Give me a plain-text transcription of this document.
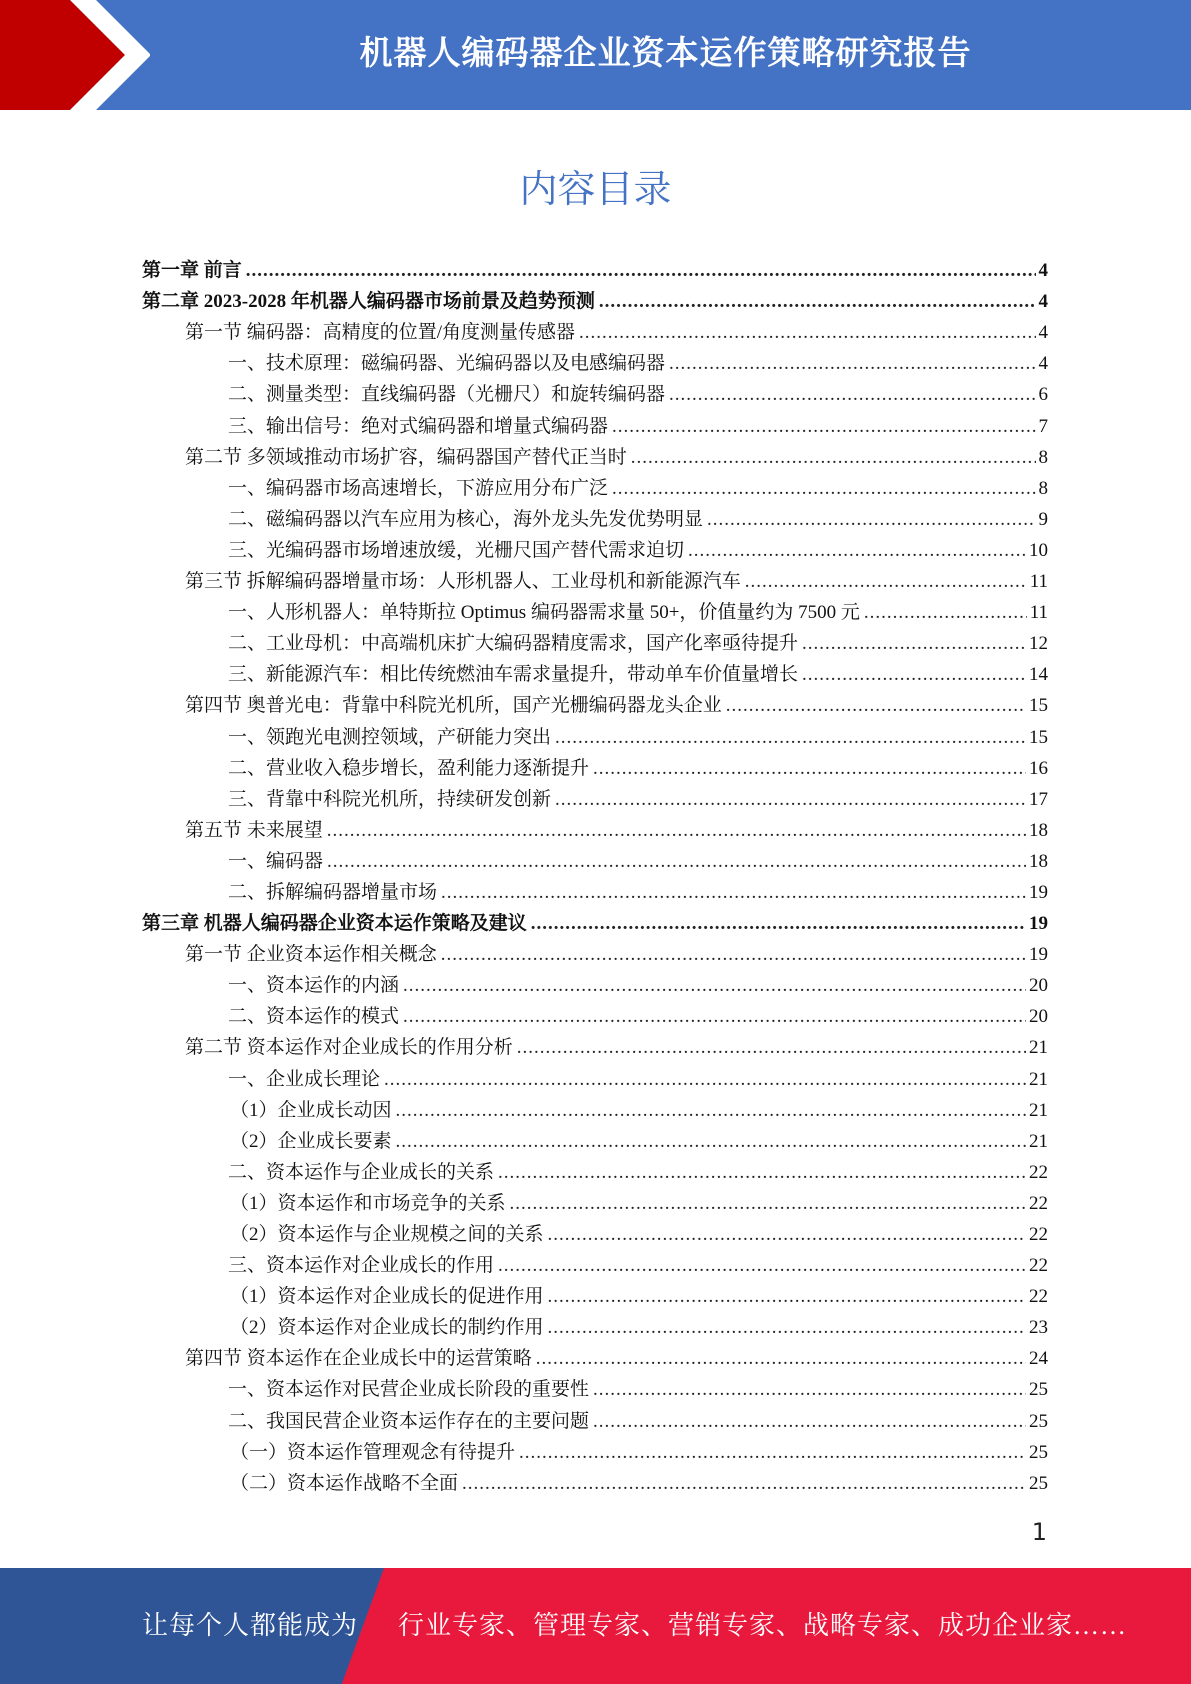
机器人编码器企业资本运作策略研究报告
内容目录
第一章 前言 .....	4
第二章 2023-2028 年机器人编码器市场前景及趋势预测 .....	4
第一节 编码器：高精度的位置/角度测量传感器 .....	4
一、技术原理：磁编码器、光编码器以及电感编码器 .....	4
二、测量类型：直线编码器（光栅尺）和旋转编码器 .....	6
三、输出信号：绝对式编码器和增量式编码器 .....	7
第二节 多领域推动市场扩容，编码器国产替代正当时 .....	8
一、编码器市场高速增长，下游应用分布广泛 .....	8
二、磁编码器以汽车应用为核心，海外龙头先发优势明显 .....	9
三、光编码器市场增速放缓，光栅尺国产替代需求迫切 .....	10
第三节 拆解编码器增量市场：人形机器人、工业母机和新能源汽车 .....	11
一、人形机器人：单特斯拉 Optimus 编码器需求量 50+，价值量约为 7500 元 .....	11
二、工业母机：中高端机床扩大编码器精度需求，国产化率亟待提升 .....	12
三、新能源汽车：相比传统燃油车需求量提升，带动单车价值量增长 .....	14
第四节 奥普光电：背靠中科院光机所，国产光栅编码器龙头企业 .....	15
一、领跑光电测控领域，产研能力突出 .....	15
二、营业收入稳步增长，盈利能力逐渐提升 .....	16
三、背靠中科院光机所，持续研发创新 .....	17
第五节 未来展望 .....	18
一、编码器 .....	18
二、拆解编码器增量市场 .....	19
第三章 机器人编码器企业资本运作策略及建议 .....	19
第一节 企业资本运作相关概念 .....	19
一、资本运作的内涵 .....	20
二、资本运作的模式 .....	20
第二节 资本运作对企业成长的作用分析 .....	21
一、企业成长理论 .....	21
（1）企业成长动因 .....	21
（2）企业成长要素 .....	21
二、资本运作与企业成长的关系 .....	22
（1）资本运作和市场竞争的关系 .....	22
（2）资本运作与企业规模之间的关系 .....	22
三、资本运作对企业成长的作用 .....	22
（1）资本运作对企业成长的促进作用 .....	22
（2）资本运作对企业成长的制约作用 .....	23
第四节 资本运作在企业成长中的运营策略 .....	24
一、资本运作对民营企业成长阶段的重要性 .....	25
二、我国民营企业资本运作存在的主要问题 .....	25
（一）资本运作管理观念有待提升 .....	25
（二）资本运作战略不全面 .....	25
1
让每个人都能成为 行业专家、管理专家、营销专家、战略专家、成功企业家……
